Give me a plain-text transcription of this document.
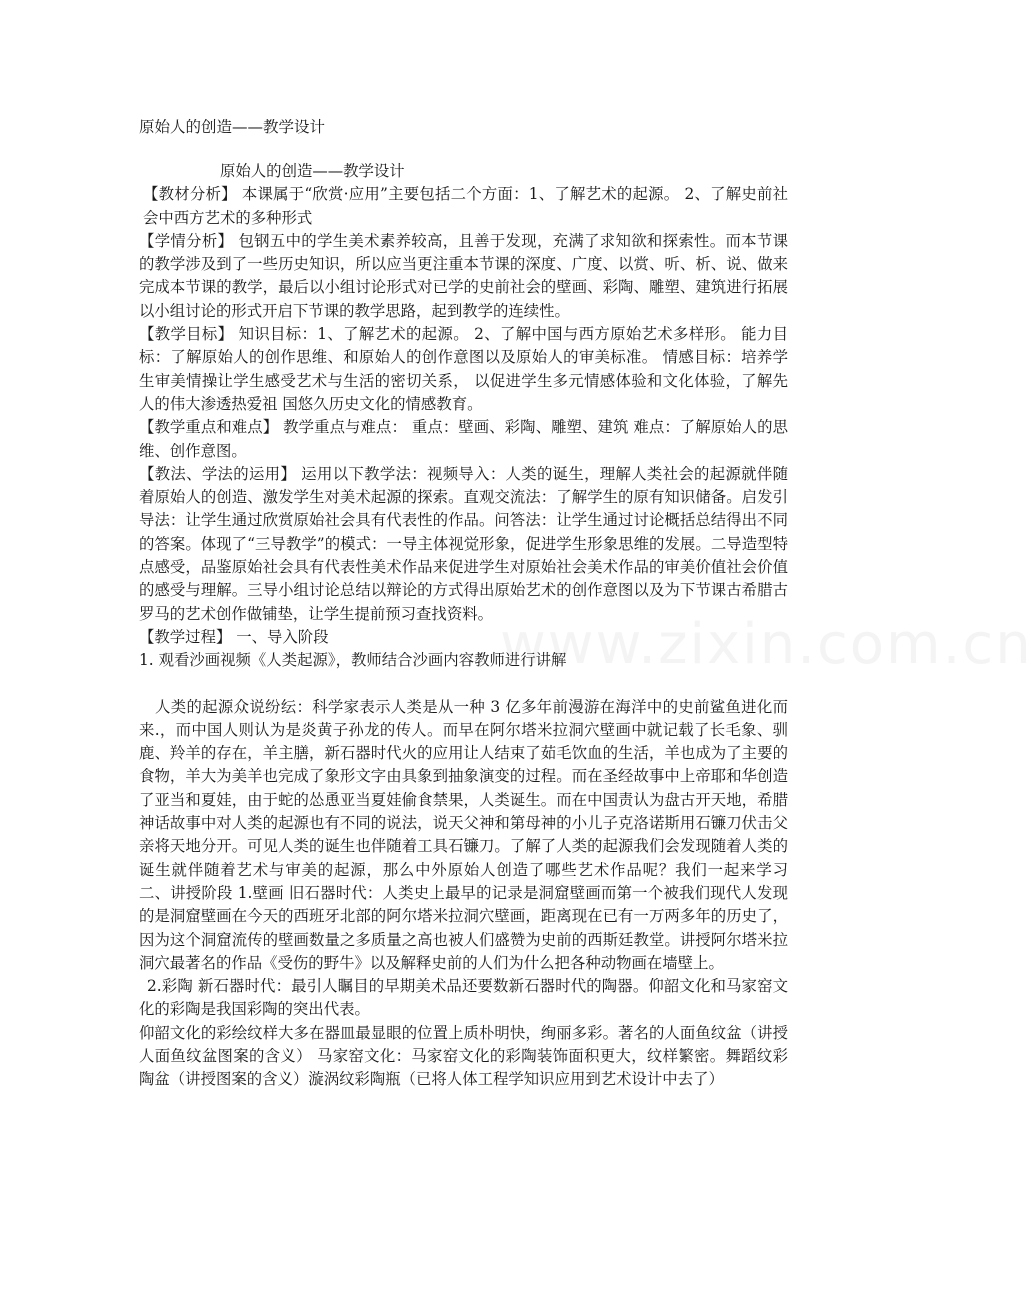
原始人的创造——教学设计

原始人的创造——教学设计

【教材分析】 本课属于“欣赏·应用”主要包括二个方面：1、了解艺术的起源。 2、了解史前社会中西方艺术的多种形式

【学情分析】 包钢五中的学生美术素养较高，且善于发现，充满了求知欲和探索性。而本节课的教学涉及到了一些历史知识，所以应当更注重本节课的深度、广度、以赏、听、析、说、做来完成本节课的教学，最后以小组讨论形式对已学的史前社会的壁画、彩陶、雕塑、建筑进行拓展以小组讨论的形式开启下节课的教学思路，起到教学的连续性。

【教学目标】 知识目标：1、了解艺术的起源。 2、了解中国与西方原始艺术多样形。 能力目标：了解原始人的创作思维、和原始人的创作意图以及原始人的审美标准。 情感目标：培养学生审美情操让学生感受艺术与生活的密切关系， 以促进学生多元情感体验和文化体验，了解先人的伟大渗透热爱祖 国悠久历史文化的情感教育。

【教学重点和难点】 教学重点与难点： 重点：壁画、彩陶、雕塑、建筑 难点：了解原始人的思维、创作意图。

【教法、学法的运用】 运用以下教学法：视频导入：人类的诞生，理解人类社会的起源就伴随着原始人的创造、激发学生对美术起源的探索。直观交流法：了解学生的原有知识储备。启发引导法：让学生通过欣赏原始社会具有代表性的作品。问答法：让学生通过讨论概括总结得出不同的答案。体现了“三导教学”的模式：一导主体视觉形象，促进学生形象思维的发展。二导造型特点感受，品鉴原始社会具有代表性美术作品来促进学生对原始社会美术作品的审美价值社会价值的感受与理解。三导小组讨论总结以辩论的方式得出原始艺术的创作意图以及为下节课古希腊古罗马的艺术创作做铺垫，让学生提前预习查找资料。

【教学过程】 一、导入阶段

1. 观看沙画视频《人类起源》，教师结合沙画内容教师进行讲解

人类的起源众说纷纭：科学家表示人类是从一种 3 亿多年前漫游在海洋中的史前鲨鱼进化而来.，而中国人则认为是炎黄子孙龙的传人。而早在阿尔塔米拉洞穴壁画中就记载了长毛象、驯鹿、羚羊的存在，羊主膳，新石器时代火的应用让人结束了茹毛饮血的生活，羊也成为了主要的食物，羊大为美羊也完成了象形文字由具象到抽象演变的过程。而在圣经故事中上帝耶和华创造了亚当和夏娃，由于蛇的怂恿亚当夏娃偷食禁果，人类诞生。而在中国责认为盘古开天地，希腊神话故事中对人类的起源也有不同的说法，说天父神和第母神的小儿子克洛诺斯用石镰刀伏击父亲将天地分开。可见人类的诞生也伴随着工具石镰刀。了解了人类的起源我们会发现随着人类的诞生就伴随着艺术与审美的起源，那么中外原始人创造了哪些艺术作品呢？我们一起来学习 二、讲授阶段 1.壁画 旧石器时代：人类史上最早的记录是洞窟壁画而第一个被我们现代人发现的是洞窟壁画在今天的西班牙北部的阿尔塔米拉洞穴壁画，距离现在已有一万两多年的历史了，因为这个洞窟流传的壁画数量之多质量之高也被人们盛赞为史前的西斯廷教堂。讲授阿尔塔米拉洞穴最著名的作品《受伤的野牛》以及解释史前的人们为什么把各种动物画在墙壁上。

2.彩陶 新石器时代：最引人瞩目的早期美术品还要数新石器时代的陶器。仰韶文化和马家窑文化的彩陶是我国彩陶的突出代表。

仰韶文化的彩绘纹样大多在器皿最显眼的位置上质朴明快，绚丽多彩。著名的人面鱼纹盆（讲授人面鱼纹盆图案的含义） 马家窑文化：马家窑文化的彩陶装饰面积更大，纹样繁密。舞蹈纹彩陶盆（讲授图案的含义）漩涡纹彩陶瓶（已将人体工程学知识应用到艺术设计中去了）

www.zixin.com.cn
